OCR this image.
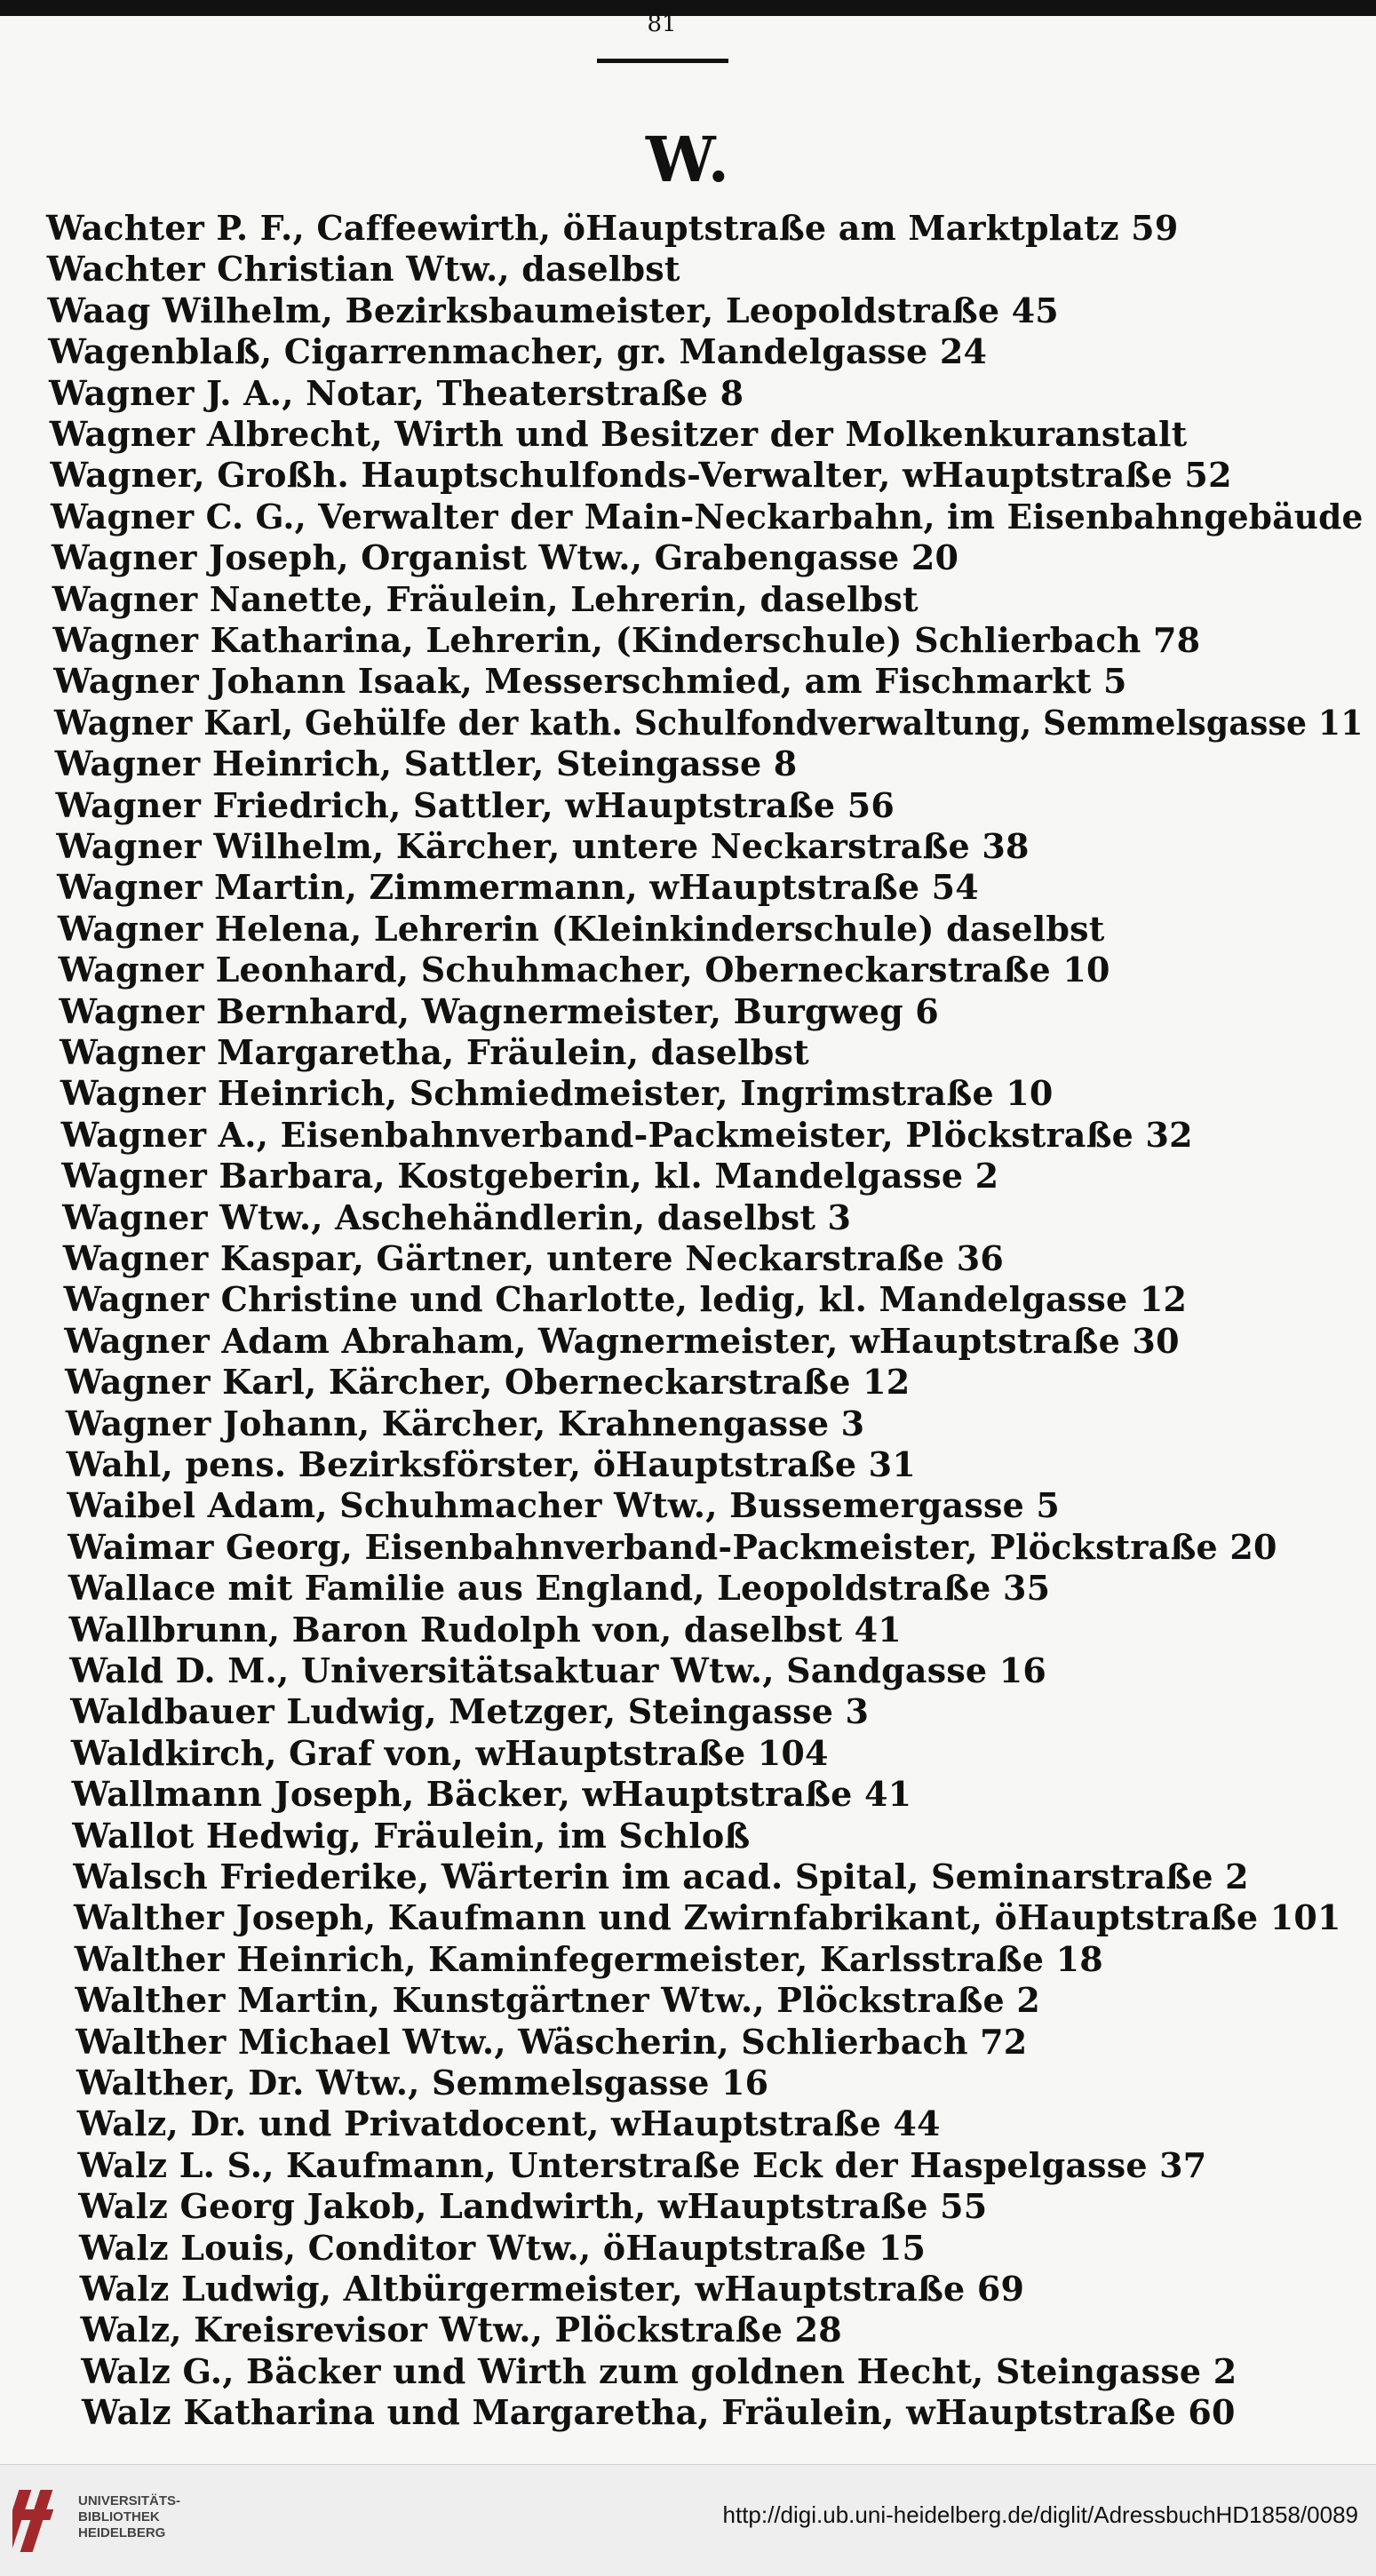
81
W.
Wachter P. F., Caffeewirth, öHauptstraße am Marktplatz 59
Wachter Christian Wtw., daselbst
Waag Wilhelm, Bezirksbaumeister, Leopoldstraße 45
Wagenblaß, Cigarrenmacher, gr. Mandelgasse 24
Wagner J. A., Notar, Theaterstraße 8
Wagner Albrecht, Wirth und Besitzer der Molkenkuranstalt
Wagner, Großh. Hauptschulfonds-Verwalter, wHauptstraße 52
Wagner C. G., Verwalter der Main-Neckarbahn, im Eisenbahngebäude
Wagner Joseph, Organist Wtw., Grabengasse 20
Wagner Nanette, Fräulein, Lehrerin, daselbst
Wagner Katharina, Lehrerin, (Kinderschule) Schlierbach 78
Wagner Johann Isaak, Messerschmied, am Fischmarkt 5
Wagner Karl, Gehülfe der kath. Schulfondverwaltung, Semmelsgasse 11
Wagner Heinrich, Sattler, Steingasse 8
Wagner Friedrich, Sattler, wHauptstraße 56
Wagner Wilhelm, Kärcher, untere Neckarstraße 38
Wagner Martin, Zimmermann, wHauptstraße 54
Wagner Helena, Lehrerin (Kleinkinderschule) daselbst
Wagner Leonhard, Schuhmacher, Oberneckarstraße 10
Wagner Bernhard, Wagnermeister, Burgweg 6
Wagner Margaretha, Fräulein, daselbst
Wagner Heinrich, Schmiedmeister, Ingrimstraße 10
Wagner A., Eisenbahnverband-Packmeister, Plöckstraße 32
Wagner Barbara, Kostgeberin, kl. Mandelgasse 2
Wagner Wtw., Aschehändlerin, daselbst 3
Wagner Kaspar, Gärtner, untere Neckarstraße 36
Wagner Christine und Charlotte, ledig, kl. Mandelgasse 12
Wagner Adam Abraham, Wagnermeister, wHauptstraße 30
Wagner Karl, Kärcher, Oberneckarstraße 12
Wagner Johann, Kärcher, Krahnengasse 3
Wahl, pens. Bezirksförster, öHauptstraße 31
Waibel Adam, Schuhmacher Wtw., Bussemergasse 5
Waimar Georg, Eisenbahnverband-Packmeister, Plöckstraße 20
Wallace mit Familie aus England, Leopoldstraße 35
Wallbrunn, Baron Rudolph von, daselbst 41
Wald D. M., Universitätsaktuar Wtw., Sandgasse 16
Waldbauer Ludwig, Metzger, Steingasse 3
Waldkirch, Graf von, wHauptstraße 104
Wallmann Joseph, Bäcker, wHauptstraße 41
Wallot Hedwig, Fräulein, im Schloß
Walsch Friederike, Wärterin im acad. Spital, Seminarstraße 2
Walther Joseph, Kaufmann und Zwirnfabrikant, öHauptstraße 101
Walther Heinrich, Kaminfegermeister, Karlsstraße 18
Walther Martin, Kunstgärtner Wtw., Plöckstraße 2
Walther Michael Wtw., Wäscherin, Schlierbach 72
Walther, Dr. Wtw., Semmelsgasse 16
Walz, Dr. und Privatdocent, wHauptstraße 44
Walz L. S., Kaufmann, Unterstraße Eck der Haspelgasse 37
Walz Georg Jakob, Landwirth, wHauptstraße 55
Walz Louis, Conditor Wtw., öHauptstraße 15
Walz Ludwig, Altbürgermeister, wHauptstraße 69
Walz, Kreisrevisor Wtw., Plöckstraße 28
Walz G., Bäcker und Wirth zum goldnen Hecht, Steingasse 2
Walz Katharina und Margaretha, Fräulein, wHauptstraße 60
UNIVERSITÄTS-
BIBLIOTHEK
HEIDELBERG
http://digi.ub.uni-heidelberg.de/diglit/AdressbuchHD1858/0089
